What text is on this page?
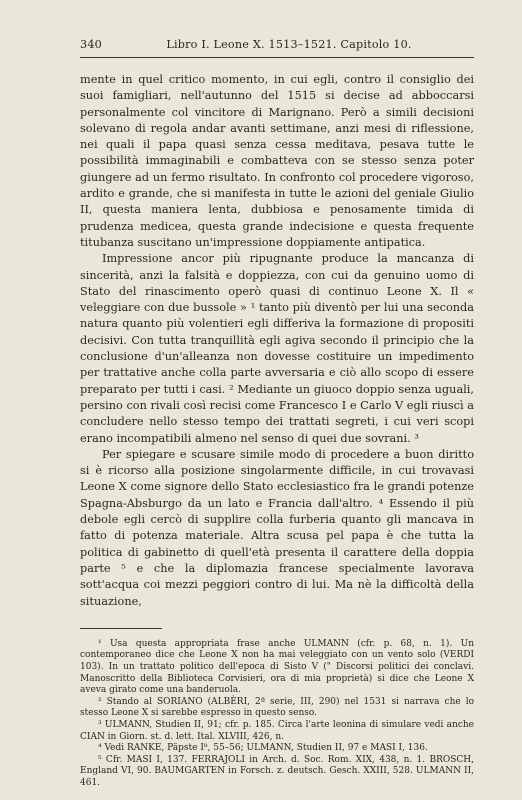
340	Libro I. Leone X. 1513–1521. Capitolo 10.

mente in quel critico momento, in cui egli, contro il consiglio dei suoi famigliari, nell'autunno del 1515 si decise ad abboccarsi personalmente col vincitore di Marignano. Però a simili decisioni solevano di regola andar avanti settimane, anzi mesi di riflessione, nei quali il papa quasi senza cessa meditava, pesava tutte le possibilità immaginabili e combatteva con se stesso senza poter giungere ad un fermo risultato. In confronto col procedere vigoroso, ardito e grande, che si manifesta in tutte le azioni del geniale Giulio II, questa maniera lenta, dubbiosa e penosamente timida di prudenza medicea, questa grande indecisione e questa frequente titubanza suscitano un'impressione doppiamente antipatica.

Impressione ancor più ripugnante produce la mancanza di sincerità, anzi la falsità e doppiezza, con cui da genuino uomo di Stato del rinascimento operò quasi di continuo Leone X. Il « veleggiare con due bussole » ¹ tanto più diventò per lui una seconda natura quanto più volentieri egli differiva la formazione di propositi decisivi. Con tutta tranquillità egli agiva secondo il principio che la conclusione d'un'alleanza non dovesse costituire un impedimento per trattative anche colla parte avversaria e ciò allo scopo di essere preparato per tutti i casi. ² Mediante un giuoco doppio senza uguali, persino con rivali così recisi come Francesco I e Carlo V egli riuscì a concludere nello stesso tempo dei trattati segreti, i cui veri scopi erano incompatibili almeno nel senso di quei due sovrani. ³

Per spiegare e scusare simile modo di procedere a buon diritto si è ricorso alla posizione singolarmente difficile, in cui trovavasi Leone X come signore dello Stato ecclesiastico fra le grandi potenze Spagna-Absburgo da un lato e Francia dall'altro. ⁴ Essendo il più debole egli cercò di supplire colla furberia quanto gli mancava in fatto di potenza materiale. Altra scusa pel papa è che tutta la politica di gabinetto di quell'età presenta il carattere della doppia parte ⁵ e che la diplomazia francese specialmente lavorava sott'acqua coi mezzi peggiori contro di lui. Ma nè la difficoltà della situazione,

¹ Usa questa appropriata frase anche ULMANN (cfr. p. 68, n. 1). Un contemporaneo dice che Leone X non ha mai veleggiato con un vento solo (VERDI 103). In un trattato politico dell'epoca di Sisto V (" Discorsi politici dei conclavi. Manoscritto della Biblioteca Corvisieri, ora di mia proprietà) si dice che Leone X aveva girato come una banderuola.

² Stando al SORIANO (ALBÈRI, 2ª serie, III, 290) nel 1531 si narrava che lo stesso Leone X si sarebbe espresso in questo senso.

³ ULMANN, Studien II, 91; cfr. p. 185. Circa l'arte leonina di simulare vedi anche CIAN in Giorn. st. d. lett. Ital. XLVIII, 426, n.

⁴ Vedi RANKE, Päpste I⁸, 55–56; ULMANN, Studien II, 97 e MASI I, 136.

⁵ Cfr. MASI I, 137. FERRAJOLI in Arch. d. Soc. Rom. XIX, 438, n. 1. BROSCH, England VI, 90. BAUMGARTEN in Forsch. z. deutsch. Gesch. XXIII, 528. ULMANN II, 461.
